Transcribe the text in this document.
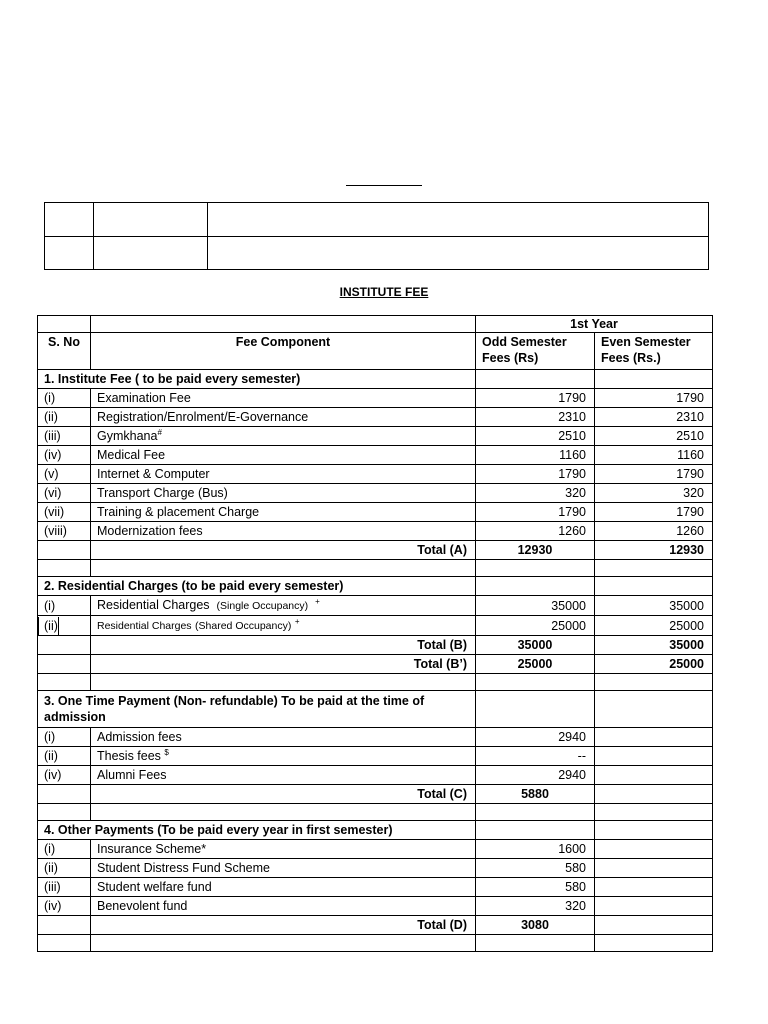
INSTITUTE FEE
		1st Year	
S. No	Fee Component	Odd Semester Fees (Rs)	Even Semester Fees (Rs.)
1. Institute Fee ( to be paid every semester)			
(i)	Examination Fee	1790	1790
(ii)	Registration/Enrolment/E-Governance	2310	2310
(iii)	Gymkhana#	2510	2510
(iv)	Medical Fee	1160	1160
(v)	Internet & Computer	1790	1790
(vi)	Transport Charge (Bus)	320	320
(vii)	Training & placement Charge	1790	1790
(viii)	Modernization fees	1260	1260
	Total (A)	12930	12930

2. Residential Charges (to be paid every semester)			
(i)	Residential Charges (Single Occupancy) +	35000	35000
(ii)	Residential Charges (Shared Occupancy) +	25000	25000
	Total (B)	35000	35000
	Total (B’)	25000	25000

3. One Time Payment (Non- refundable) To be paid at the time of admission			
(i)	Admission fees	2940	
(ii)	Thesis fees $	--	
(iv)	Alumni Fees	2940	
	Total (C)	5880	

4. Other Payments (To be paid every year in first semester)			
(i)	Insurance Scheme*	1600	
(ii)	Student Distress Fund Scheme	580	
(iii)	Student welfare fund	580	
(iv)	Benevolent fund	320	
	Total (D)	3080	
